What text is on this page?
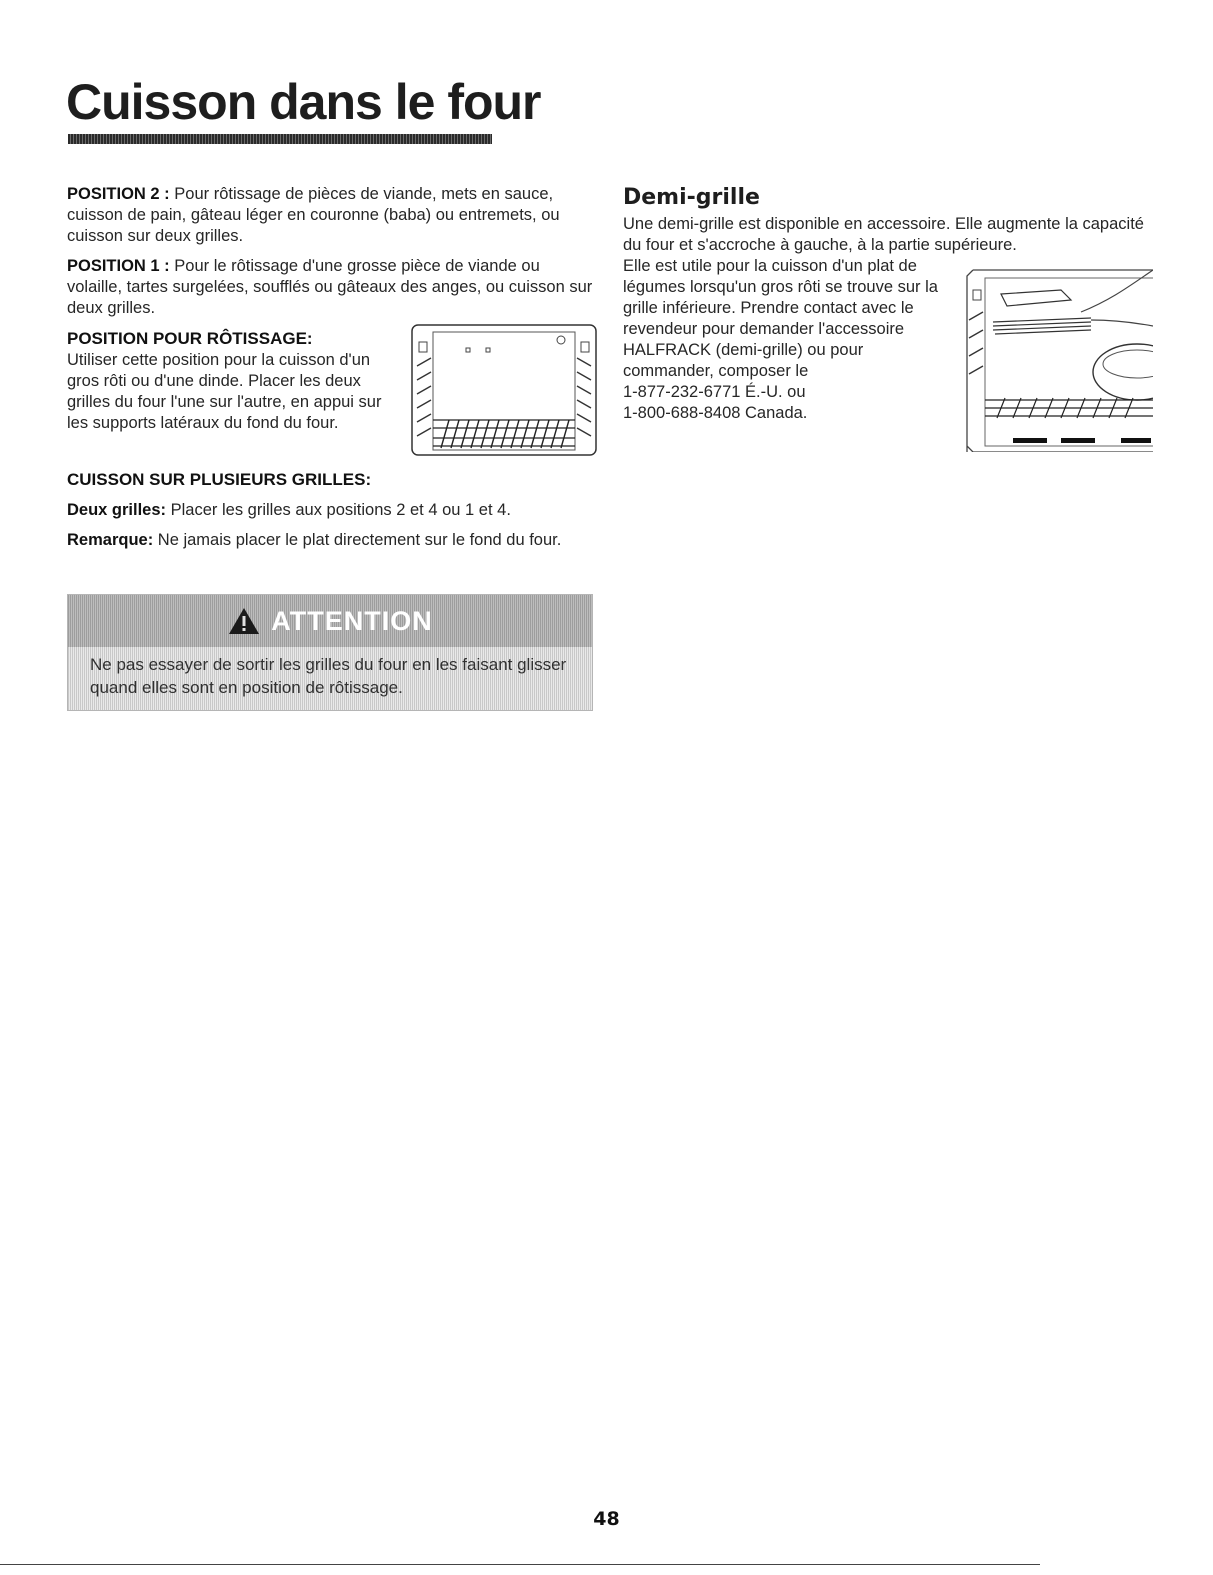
Cuisson dans le four

POSITION 2 : Pour rôtissage de pièces de viande, mets en sauce, cuisson de pain, gâteau léger en couronne (baba) ou entremets, ou cuisson sur deux grilles.

POSITION 1 : Pour le rôtissage d'une grosse pièce de viande ou volaille, tartes surgelées, soufflés ou gâteaux des anges, ou cuisson sur deux grilles.

POSITION POUR RÔTISSAGE:

Utiliser cette position pour la cuisson d'un gros rôti ou d'une dinde. Placer les deux grilles du four l'une sur l'autre, en appui sur les supports latéraux du fond du four.

CUISSON SUR PLUSIEURS GRILLES:

Deux grilles: Placer les grilles aux positions 2 et 4 ou 1 et 4.

Remarque: Ne jamais placer le plat directement sur le fond du four.

ATTENTION
Ne pas essayer de sortir les grilles du four en les faisant glisser quand elles sont en position de rôtissage.
Demi-grille

Une demi-grille est disponible en accessoire. Elle augmente la capacité du four et s'accroche à gauche, à la partie supérieure.

Elle est utile pour la cuisson d'un plat de légumes lorsqu'un gros rôti se trouve sur la grille inférieure. Prendre contact avec le revendeur pour demander l'accessoire HALFRACK (demi-grille) ou pour commander, composer le

1-877-232-6771 É.-U. ou

1-800-688-8408 Canada.

48
